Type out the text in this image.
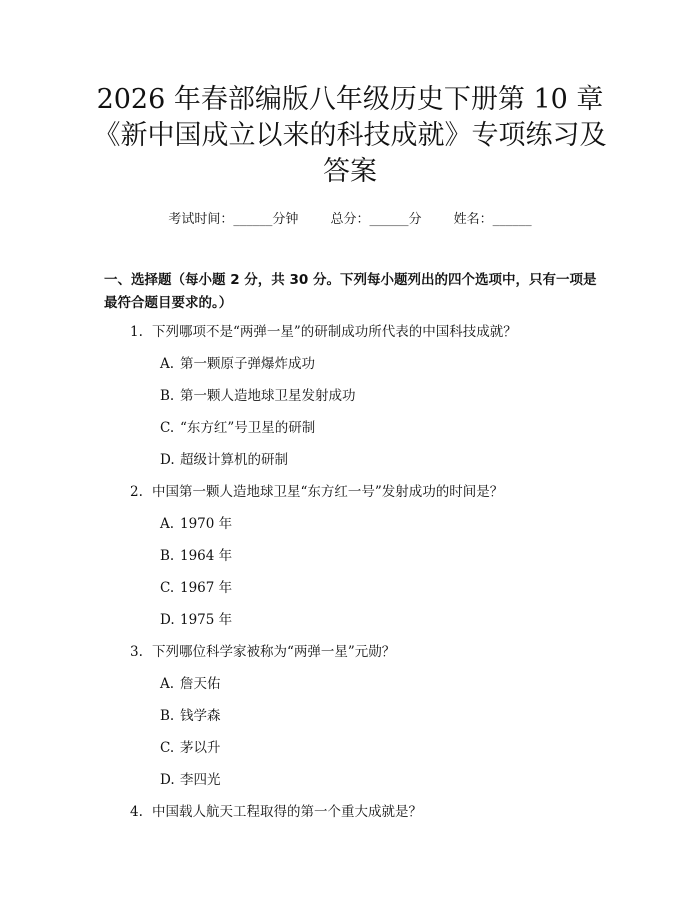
2026 年春部编版八年级历史下册第 10 章
《新中国成立以来的科技成就》专项练习及
答案
考试时间：______分钟 总分：______分 姓名：______

一、选择题（每小题 2 分，共 30 分。下列每小题列出的四个选项中，只有一项是最符合题目要求的。）

1. 下列哪项不是“两弹一星”的研制成功所代表的中国科技成就？
A. 第一颗原子弹爆炸成功
B. 第一颗人造地球卫星发射成功
C. “东方红”号卫星的研制
D. 超级计算机的研制
2. 中国第一颗人造地球卫星“东方红一号”发射成功的时间是？
A. 1970 年
B. 1964 年
C. 1967 年
D. 1975 年
3. 下列哪位科学家被称为“两弹一星”元勋？
A. 詹天佑
B. 钱学森
C. 茅以升
D. 李四光
4. 中国载人航天工程取得的第一个重大成就是？
